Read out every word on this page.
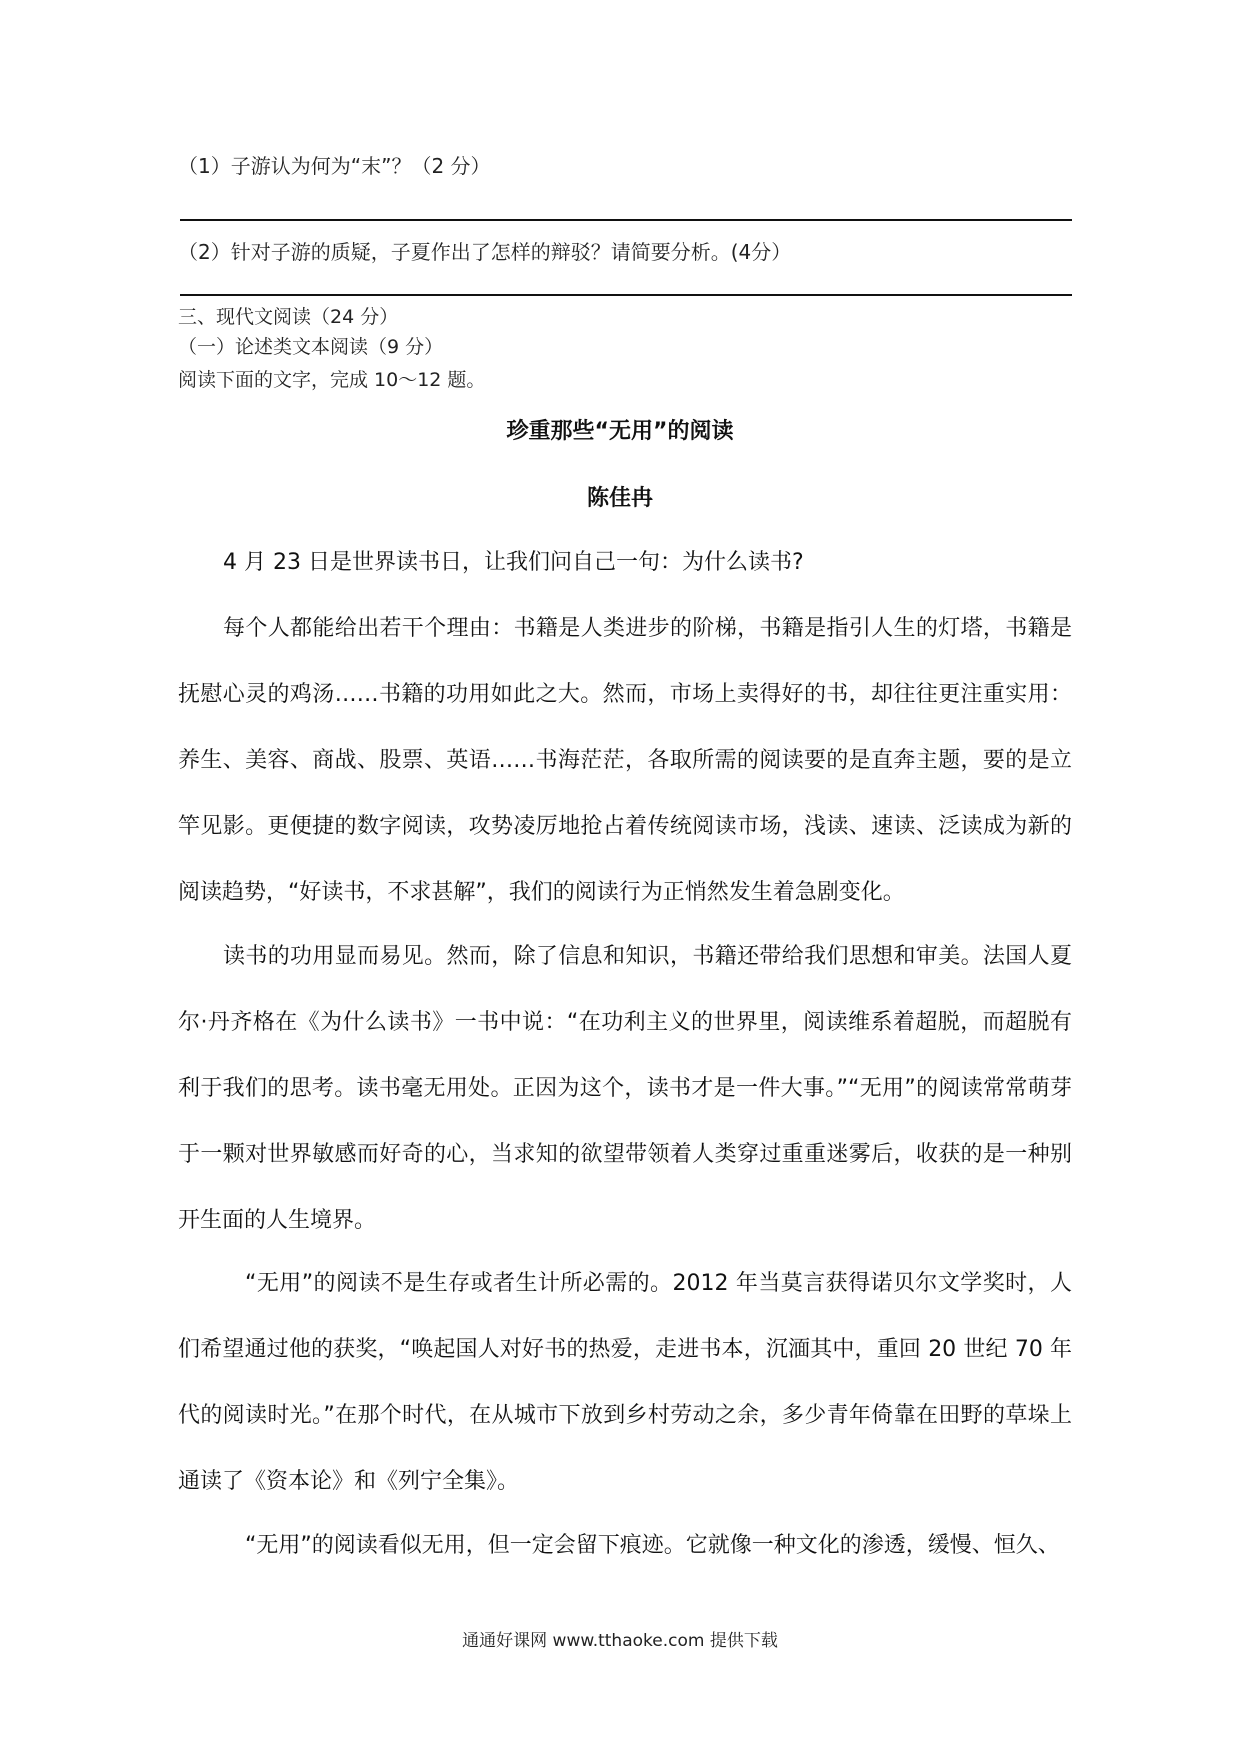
（1）子游认为何为“末”？（2 分）

（2）针对子游的质疑，子夏作出了怎样的辩驳？请简要分析。(4分）

三、现代文阅读（24 分）

（一）论述类文本阅读（9 分）

阅读下面的文字，完成 10～12 题。

珍重那些“无用”的阅读

陈佳冉

4 月 23 日是世界读书日，让我们问自己一句：为什么读书?

每个人都能给出若干个理由：书籍是人类进步的阶梯，书籍是指引人生的灯塔，书籍是抚慰心灵的鸡汤……书籍的功用如此之大。然而，市场上卖得好的书，却往往更注重实用：养生、美容、商战、股票、英语……书海茫茫，各取所需的阅读要的是直奔主题，要的是立竿见影。更便捷的数字阅读，攻势凌厉地抢占着传统阅读市场，浅读、速读、泛读成为新的阅读趋势，“好读书，不求甚解”，我们的阅读行为正悄然发生着急剧变化。

读书的功用显而易见。然而，除了信息和知识，书籍还带给我们思想和审美。法国人夏尔·丹齐格在《为什么读书》一书中说：“在功利主义的世界里，阅读维系着超脱，而超脱有利于我们的思考。读书毫无用处。正因为这个，读书才是一件大事。”“无用”的阅读常常萌芽于一颗对世界敏感而好奇的心，当求知的欲望带领着人类穿过重重迷雾后，收获的是一种别开生面的人生境界。

“无用”的阅读不是生存或者生计所必需的。2012 年当莫言获得诺贝尔文学奖时，人们希望通过他的获奖，“唤起国人对好书的热爱，走进书本，沉湎其中，重回 20 世纪 70 年代的阅读时光。”在那个时代，在从城市下放到乡村劳动之余，多少青年倚靠在田野的草垛上通读了《资本论》和《列宁全集》。

“无用”的阅读看似无用，但一定会留下痕迹。它就像一种文化的渗透，缓慢、恒久、

通通好课网 www.tthaoke.com 提供下载
